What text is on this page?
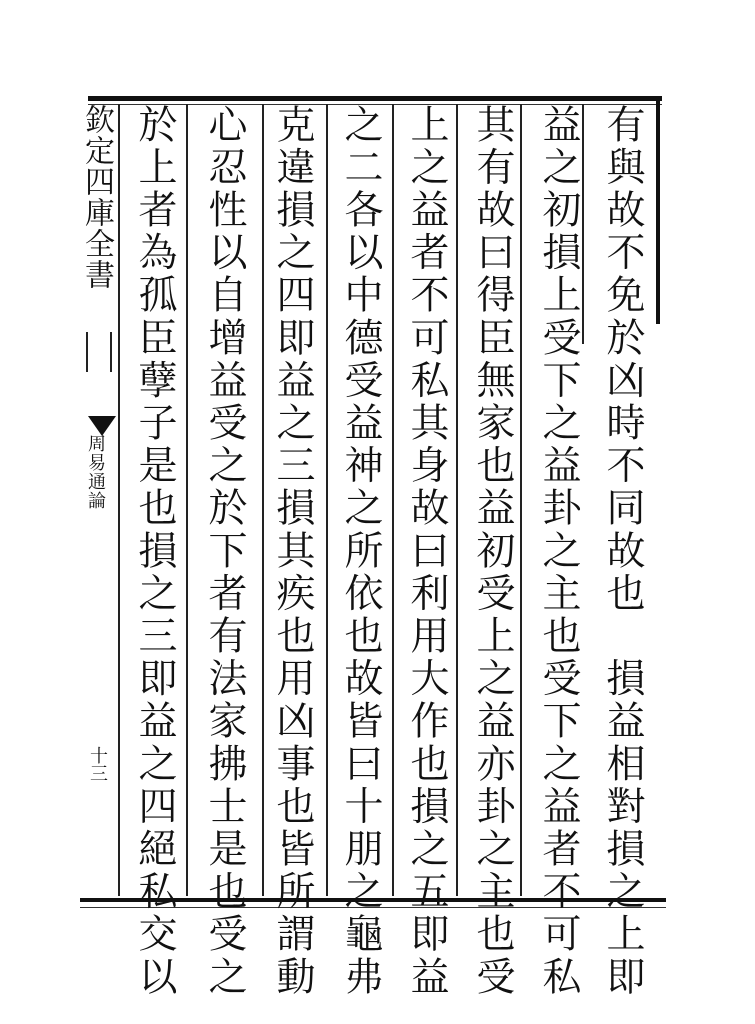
有與故不免於凶時不同故也　損益相對損之上即
益之初損上受下之益卦之主也受下之益者不可私
其有故曰得臣無家也益初受上之益亦卦之主也受
上之益者不可私其身故曰利用大作也損之五即益
之二各以中德受益神之所依也故皆曰十朋之龜弗
克違損之四即益之三損其疾也用凶事也皆所謂動
心忍性以自增益受之於下者有法家拂士是也受之
於上者為孤臣孽子是也損之三即益之四絕私交以
欽定四庫全書
周易通論
十三
